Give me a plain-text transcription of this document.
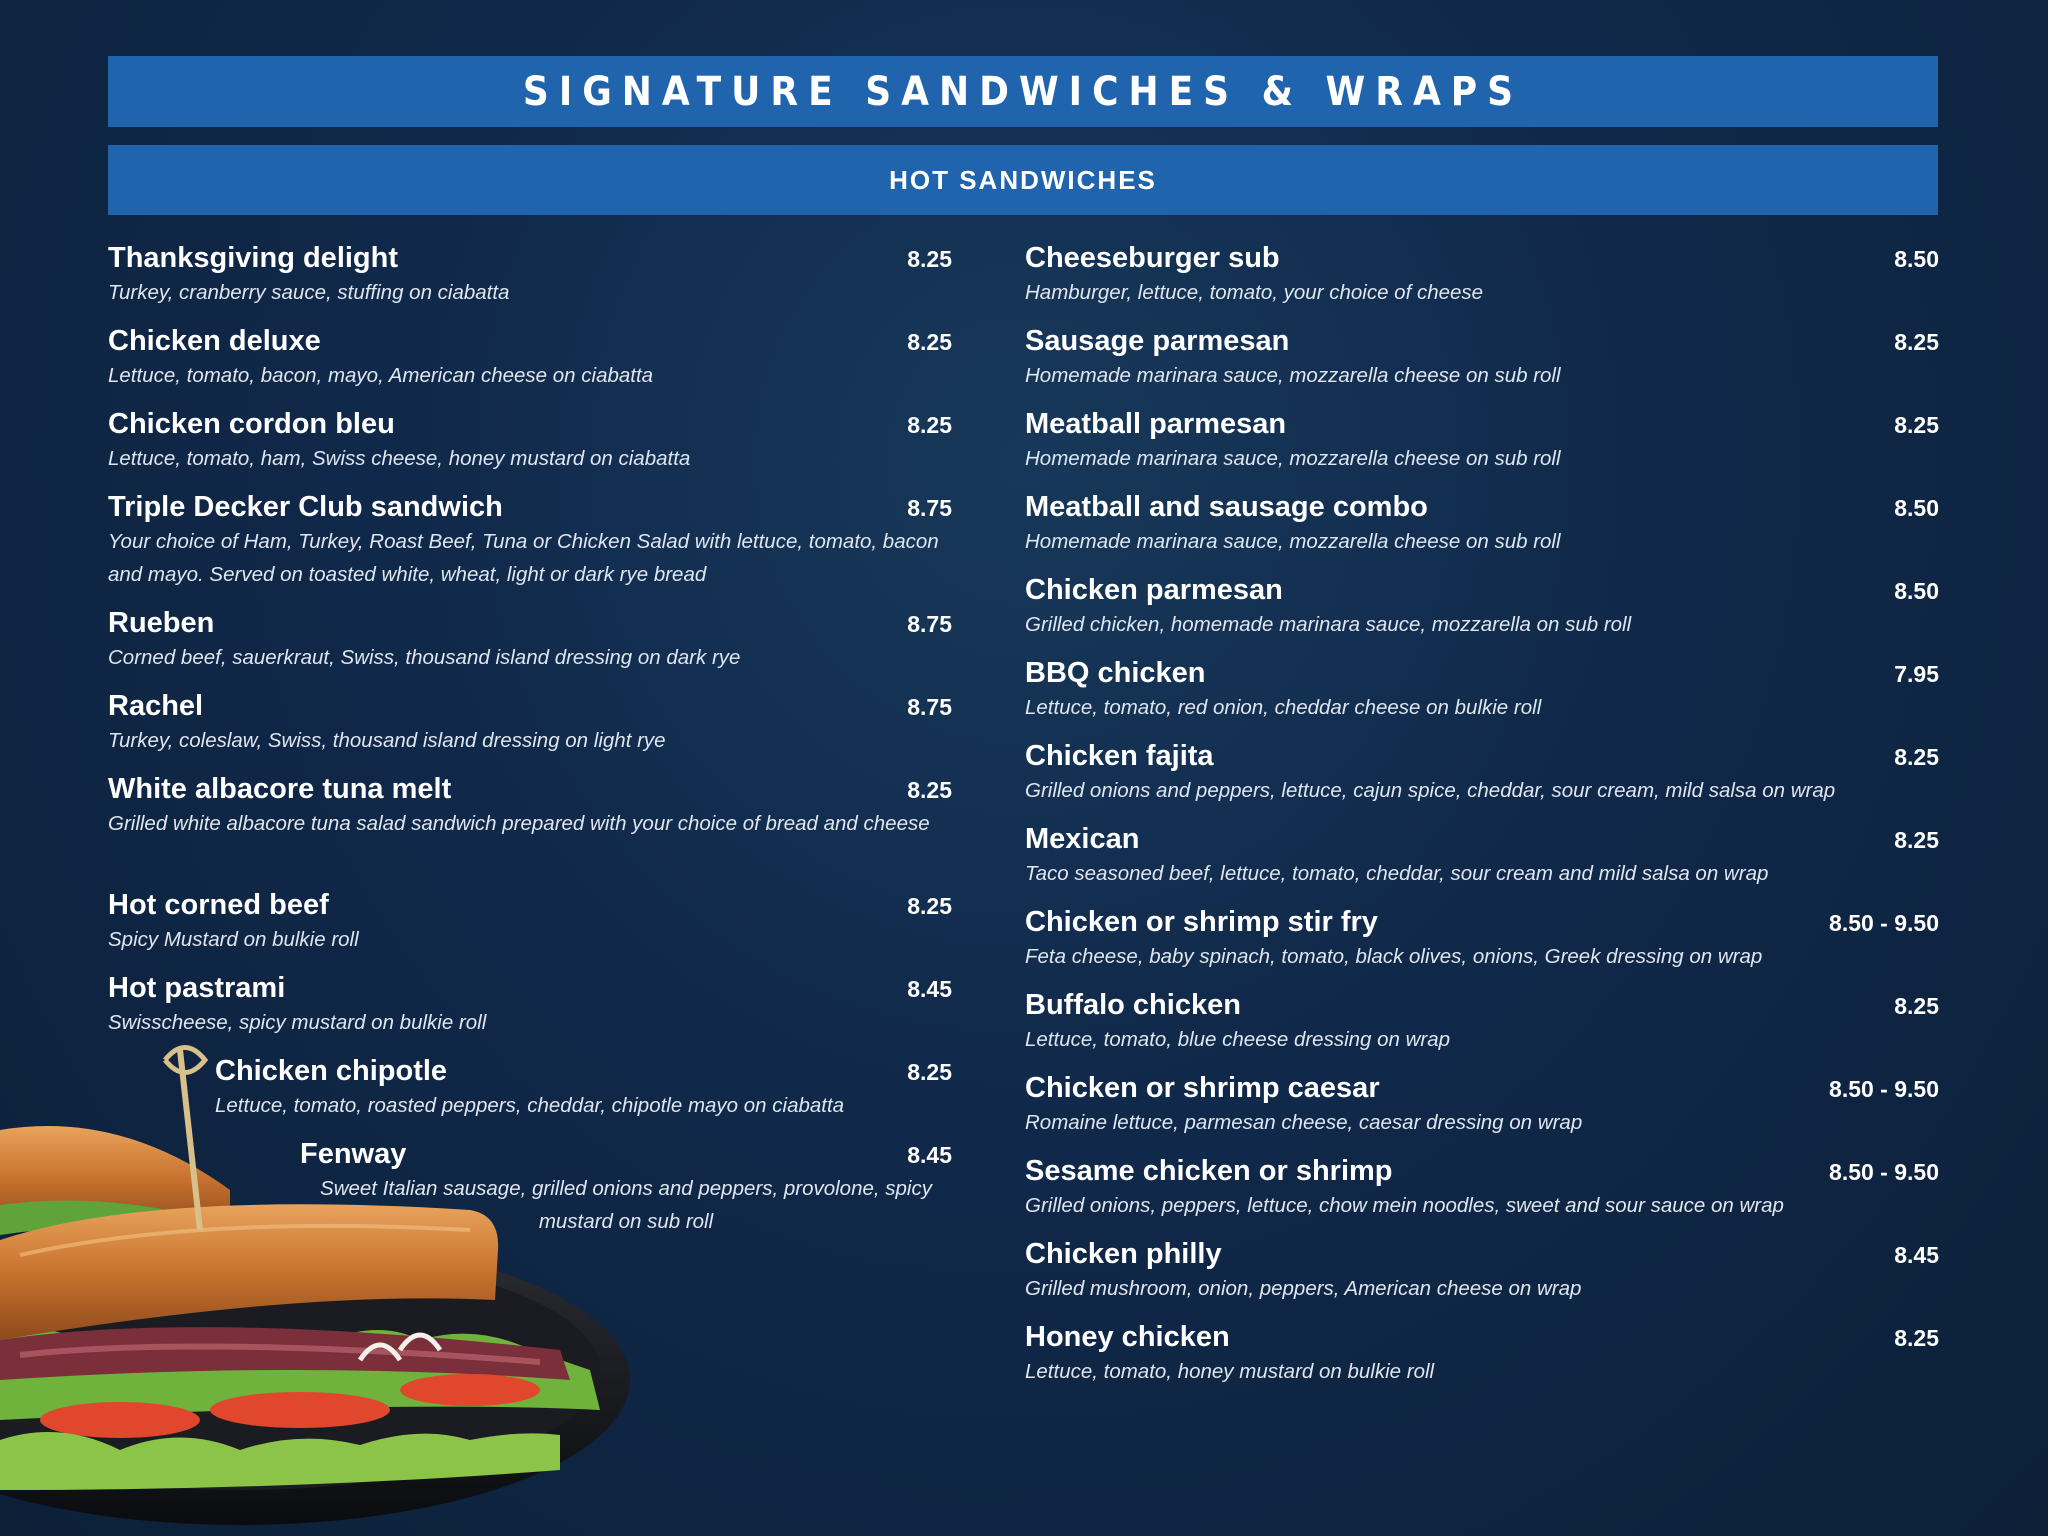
SIGNATURE SANDWICHES & WRAPS
HOT SANDWICHES
Thanksgiving delight	8.25
Turkey, cranberry sauce, stuffing on ciabatta
Chicken deluxe	8.25
Lettuce, tomato, bacon, mayo, American cheese on ciabatta
Chicken cordon bleu	8.25
Lettuce, tomato, ham, Swiss cheese, honey mustard on ciabatta
Triple Decker Club sandwich	8.75
Your choice of Ham, Turkey, Roast Beef, Tuna or Chicken Salad with lettuce, tomato, bacon and mayo. Served on toasted white, wheat, light or dark rye bread
Rueben	8.75
Corned beef, sauerkraut, Swiss, thousand island dressing on dark rye
Rachel	8.75
Turkey, coleslaw, Swiss, thousand island dressing on light rye
White albacore tuna melt	8.25
Grilled white albacore tuna salad sandwich prepared with your choice of bread and cheese
Hot corned beef	8.25
Spicy Mustard on bulkie roll
Hot pastrami	8.45
Swisscheese, spicy mustard on bulkie roll
Chicken chipotle	8.25
Lettuce, tomato, roasted peppers, cheddar, chipotle mayo on ciabatta
Fenway	8.45
Sweet Italian sausage, grilled onions and peppers, provolone, spicy mustard on sub roll
Cheeseburger sub	8.50
Hamburger, lettuce, tomato, your choice of cheese
Sausage parmesan	8.25
Homemade marinara sauce, mozzarella cheese on sub roll
Meatball parmesan	8.25
Homemade marinara sauce, mozzarella cheese on sub roll
Meatball and sausage combo	8.50
Homemade marinara sauce, mozzarella cheese on sub roll
Chicken parmesan	8.50
Grilled chicken, homemade marinara sauce, mozzarella on sub roll
BBQ chicken	7.95
Lettuce, tomato, red onion, cheddar cheese on bulkie roll
Chicken fajita	8.25
Grilled onions and peppers, lettuce, cajun spice, cheddar, sour cream, mild salsa on wrap
Mexican	8.25
Taco seasoned beef, lettuce, tomato, cheddar, sour cream and mild salsa on wrap
Chicken or shrimp stir fry	8.50 - 9.50
Feta cheese, baby spinach, tomato, black olives, onions, Greek dressing on wrap
Buffalo chicken	8.25
Lettuce, tomato, blue cheese dressing on wrap
Chicken or shrimp caesar	8.50 - 9.50
Romaine lettuce, parmesan cheese, caesar dressing on wrap
Sesame chicken or shrimp	8.50 - 9.50
Grilled onions, peppers, lettuce, chow mein noodles, sweet and sour sauce on wrap
Chicken philly	8.45
Grilled mushroom, onion, peppers, American cheese on wrap
Honey chicken	8.25
Lettuce, tomato, honey mustard on bulkie roll
